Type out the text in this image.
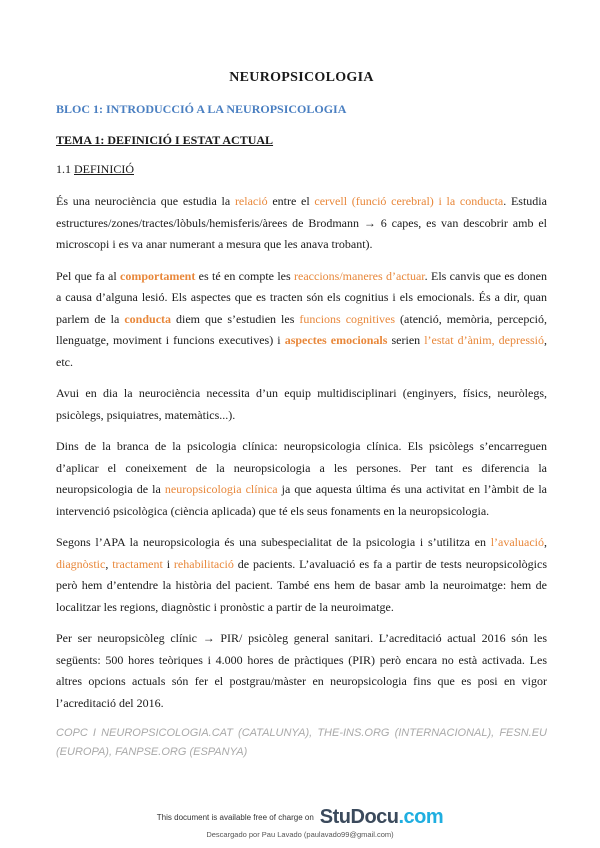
NEUROPSICOLOGIA
BLOC 1: INTRODUCCIÓ A LA NEUROPSICOLOGIA
TEMA 1: DEFINICIÓ I ESTAT ACTUAL
1.1 DEFINICIÓ

És una neurociència que estudia la relació entre el cervell (funció cerebral) i la conducta. Estudia estructures/zones/tractes/lòbuls/hemisferis/àrees de Brodmann → 6 capes, es van descobrir amb el microscopi i es va anar numerant a mesura que les anava trobant).

Pel que fa al comportament es té en compte les reaccions/maneres d’actuar. Els canvis que es donen a causa d’alguna lesió. Els aspectes que es tracten són els cognitius i els emocionals. És a dir, quan parlem de la conducta diem que s’estudien les funcions cognitives (atenció, memòria, percepció, llenguatge, moviment i funcions executives) i aspectes emocionals serien l’estat d’ànim, depressió, etc.

Avui en dia la neurociència necessita d’un equip multidisciplinari (enginyers, físics, neuròlegs, psicòlegs, psiquiatres, matemàtics...).

Dins de la branca de la psicologia clínica: neuropsicologia clínica. Els psicòlegs s’encarreguen d’aplicar el coneixement de la neuropsicologia a les persones. Per tant es diferencia la neuropsicologia de la neuropsicologia clínica ja que aquesta última és una activitat en l’àmbit de la intervenció psicològica (ciència aplicada) que té els seus fonaments en la neuropsicologia.

Segons l’APA la neuropsicologia és una subespecialitat de la psicologia i s’utilitza en l’avaluació, diagnòstic, tractament i rehabilitació de pacients. L’avaluació es fa a partir de tests neuropsicològics però hem d’entendre la història del pacient. També ens hem de basar amb la neuroimatge: hem de localitzar les regions, diagnòstic i pronòstic a partir de la neuroimatge.

Per ser neuropsicòleg clínic → PIR/ psicòleg general sanitari. L’acreditació actual 2016 són les següents: 500 hores teòriques i 4.000 hores de pràctiques (PIR) però encara no està activada. Les altres opcions actuals són fer el postgrau/màster en neuropsicologia fins que es posi en vigor l’acreditació del 2016.

COPC I NEUROPSICOLOGIA.CAT (CATALUNYA), THE-INS.ORG (INTERNACIONAL), FESN.EU (EUROPA), FANPSE.ORG (ESPANYA)

This document is available free of charge on StuDocu.com
Descargado por Pau Lavado (paulavado99@gmail.com)
